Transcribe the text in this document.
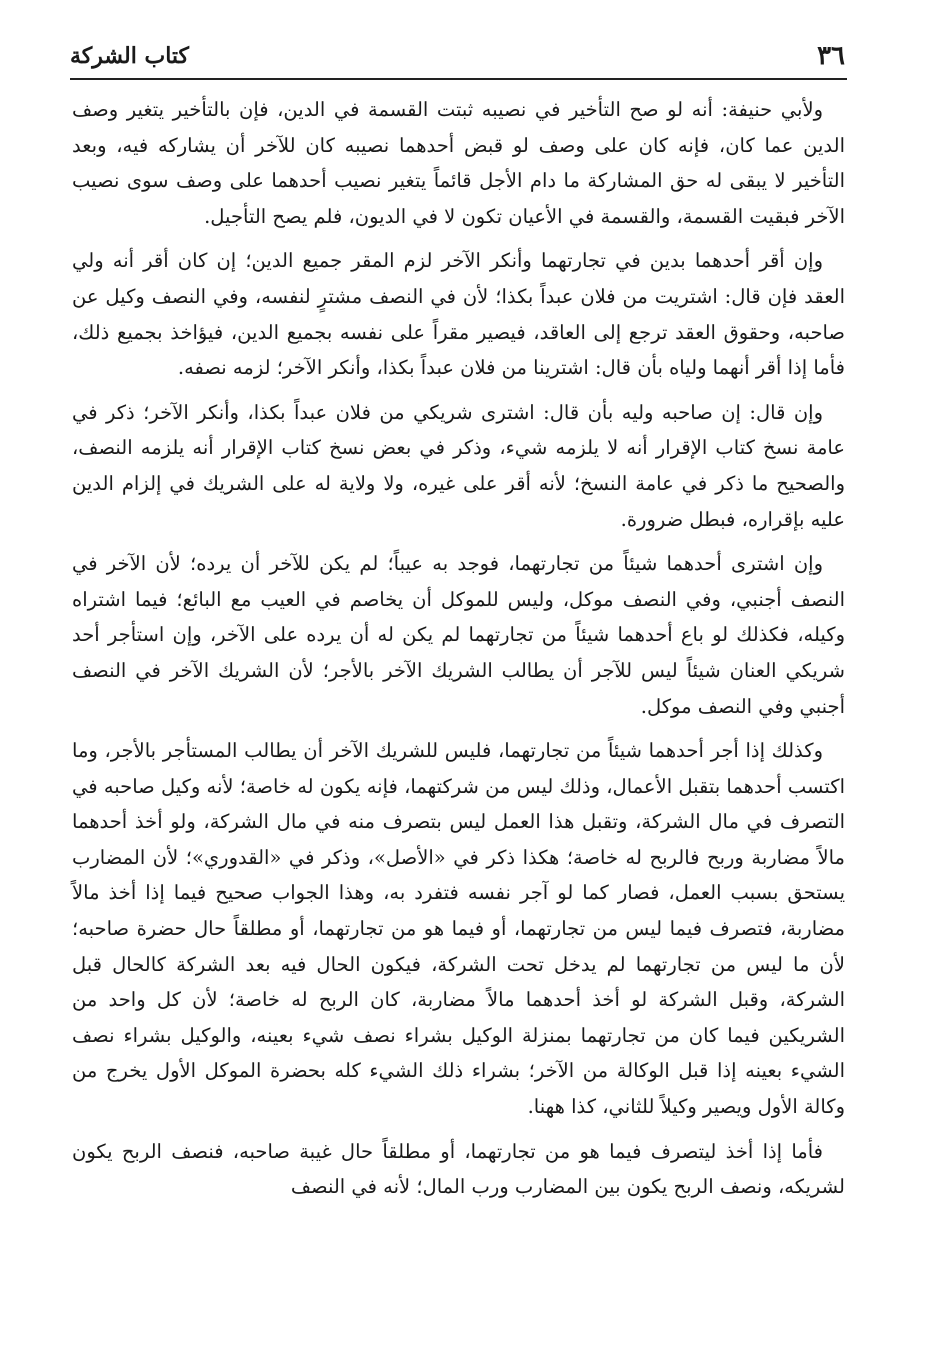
٣٦
كتاب الشركة

ولأبي حنيفة: أنه لو صح التأخير في نصيبه ثبتت القسمة في الدين، فإن بالتأخير يتغير وصف الدين عما كان، فإنه كان على وصف لو قبض أحدهما نصيبه كان للآخر أن يشاركه فيه، وبعد التأخير لا يبقى له حق المشاركة ما دام الأجل قائماً يتغير نصيب أحدهما على وصف سوى نصيب الآخر فبقيت القسمة، والقسمة في الأعيان تكون لا في الديون، فلم يصح التأجيل.

وإن أقر أحدهما بدين في تجارتهما وأنكر الآخر لزم المقر جميع الدين؛ إن كان أقر أنه ولي العقد فإن قال: اشتريت من فلان عبداً بكذا؛ لأن في النصف مشترٍ لنفسه، وفي النصف وكيل عن صاحبه، وحقوق العقد ترجع إلى العاقد، فيصير مقراً على نفسه بجميع الدين، فيؤاخذ بجميع ذلك، فأما إذا أقر أنهما ولياه بأن قال: اشترينا من فلان عبداً بكذا، وأنكر الآخر؛ لزمه نصفه.

وإن قال: إن صاحبه وليه بأن قال: اشترى شريكي من فلان عبداً بكذا، وأنكر الآخر؛ ذكر في عامة نسخ كتاب الإقرار أنه لا يلزمه شيء، وذكر في بعض نسخ كتاب الإقرار أنه يلزمه النصف، والصحيح ما ذكر في عامة النسخ؛ لأنه أقر على غيره، ولا ولاية له على الشريك في إلزام الدين عليه بإقراره، فبطل ضرورة.

وإن اشترى أحدهما شيئاً من تجارتهما، فوجد به عيباً؛ لم يكن للآخر أن يرده؛ لأن الآخر في النصف أجنبي، وفي النصف موكل، وليس للموكل أن يخاصم في العيب مع البائع؛ فيما اشتراه وكيله، فكذلك لو باع أحدهما شيئاً من تجارتهما لم يكن له أن يرده على الآخر، وإن استأجر أحد شريكي العنان شيئاً ليس للآجر أن يطالب الشريك الآخر بالأجر؛ لأن الشريك الآخر في النصف أجنبي وفي النصف موكل.

وكذلك إذا أجر أحدهما شيئاً من تجارتهما، فليس للشريك الآخر أن يطالب المستأجر بالأجر، وما اكتسب أحدهما بتقبل الأعمال، وذلك ليس من شركتهما، فإنه يكون له خاصة؛ لأنه وكيل صاحبه في التصرف في مال الشركة، وتقبل هذا العمل ليس بتصرف منه في مال الشركة، ولو أخذ أحدهما مالاً مضاربة وربح فالربح له خاصة؛ هكذا ذكر في «الأصل»، وذكر في «القدوري»؛ لأن المضارب يستحق بسبب العمل، فصار كما لو آجر نفسه فتفرد به، وهذا الجواب صحيح فيما إذا أخذ مالاً مضاربة، فتصرف فيما ليس من تجارتهما، أو فيما هو من تجارتهما، أو مطلقاً حال حضرة صاحبه؛ لأن ما ليس من تجارتهما لم يدخل تحت الشركة، فيكون الحال فيه بعد الشركة كالحال قبل الشركة، وقبل الشركة لو أخذ أحدهما مالاً مضاربة، كان الربح له خاصة؛ لأن كل واحد من الشريكين فيما كان من تجارتهما بمنزلة الوكيل بشراء نصف شيء بعينه، والوكيل بشراء نصف الشيء بعينه إذا قبل الوكالة من الآخر؛ بشراء ذلك الشيء كله بحضرة الموكل الأول يخرج من وكالة الأول ويصير وكيلاً للثاني، كذا ههنا.

فأما إذا أخذ ليتصرف فيما هو من تجارتهما، أو مطلقاً حال غيبة صاحبه، فنصف الربح يكون لشريكه، ونصف الربح يكون بين المضارب ورب المال؛ لأنه في النصف
